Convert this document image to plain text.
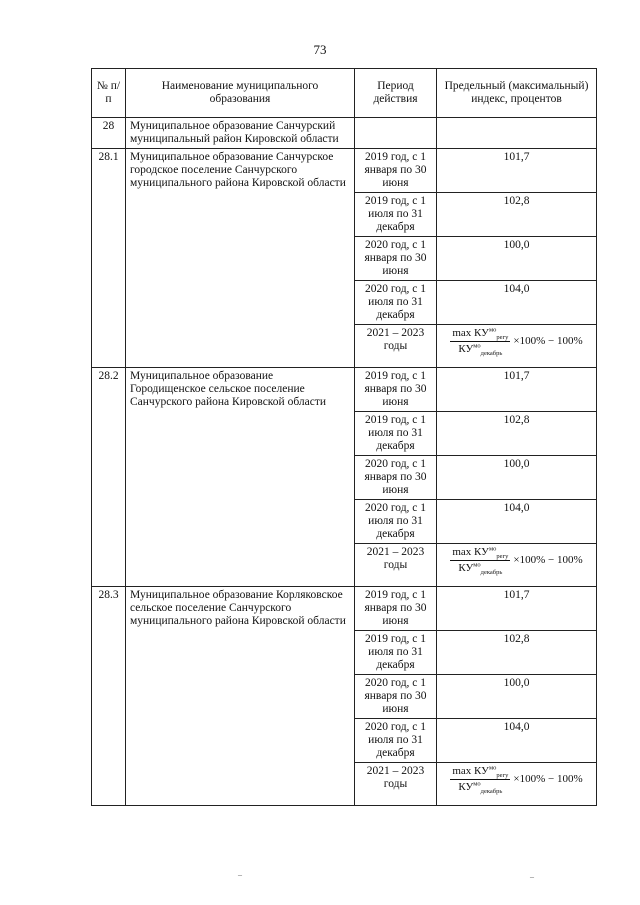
73
№ п/п	Наименование муниципального образования	Период действия	Предельный (максимальный) индекс, процентов
28	Муниципальное образование Санчурский муниципальный район Кировской области		
28.1	Муниципальное образование Санчурское городское поселение Санчурского муниципального района Кировской области	2019 год, с 1 января по 30 июня	101,7
		2019 год, с 1 июля по 31 декабря	102,8
		2020 год, с 1 января по 30 июня	100,0
		2020 год, с 1 июля по 31 декабря	104,0
		2021 – 2023 годы	$\frac{\max КУ^{мо}_{регу}}{КУ^{мо}_{декабрь}} \times 100\% - 100\%$

28.2	Муниципальное образование Городищенское сельское поселение Санчурского района Кировской области	2019 год, с 1 января по 30 июня	101,7
		2019 год, с 1 июля по 31 декабря	102,8
		2020 год, с 1 января по 30 июня	100,0
		2020 год, с 1 июля по 31 декабря	104,0
		2021 – 2023 годы	$\frac{\max КУ^{мо}_{регу}}{КУ^{мо}_{декабрь}} \times 100\% - 100\%$

28.3	Муниципальное образование Корляковское сельское поселение Санчурского муниципального района Кировской области	2019 год, с 1 января по 30 июня	101,7
		2019 год, с 1 июля по 31 декабря	102,8
		2020 год, с 1 января по 30 июня	100,0
		2020 год, с 1 июля по 31 декабря	104,0
		2021 – 2023 годы	$\frac{\max КУ^{мо}_{регу}}{КУ^{мо}_{декабрь}} \times 100\% - 100\%$
–	–
